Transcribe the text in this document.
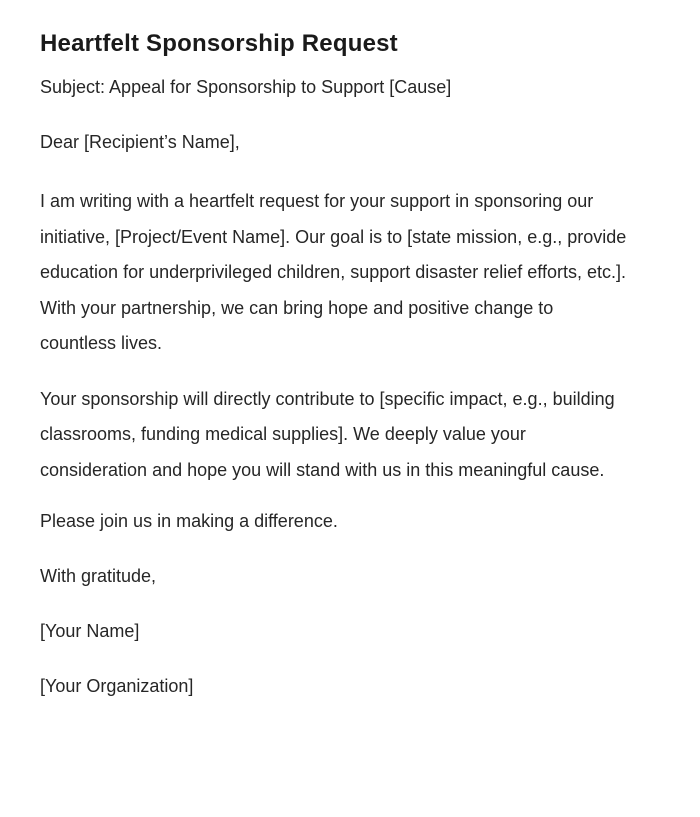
Heartfelt Sponsorship Request

Subject: Appeal for Sponsorship to Support [Cause]

Dear [Recipient’s Name],

I am writing with a heartfelt request for your support in sponsoring our initiative, [Project/Event Name]. Our goal is to [state mission, e.g., provide education for underprivileged children, support disaster relief efforts, etc.]. With your partnership, we can bring hope and positive change to countless lives.

Your sponsorship will directly contribute to [specific impact, e.g., building classrooms, funding medical supplies]. We deeply value your consideration and hope you will stand with us in this meaningful cause.

Please join us in making a difference.

With gratitude,

[Your Name]

[Your Organization]
